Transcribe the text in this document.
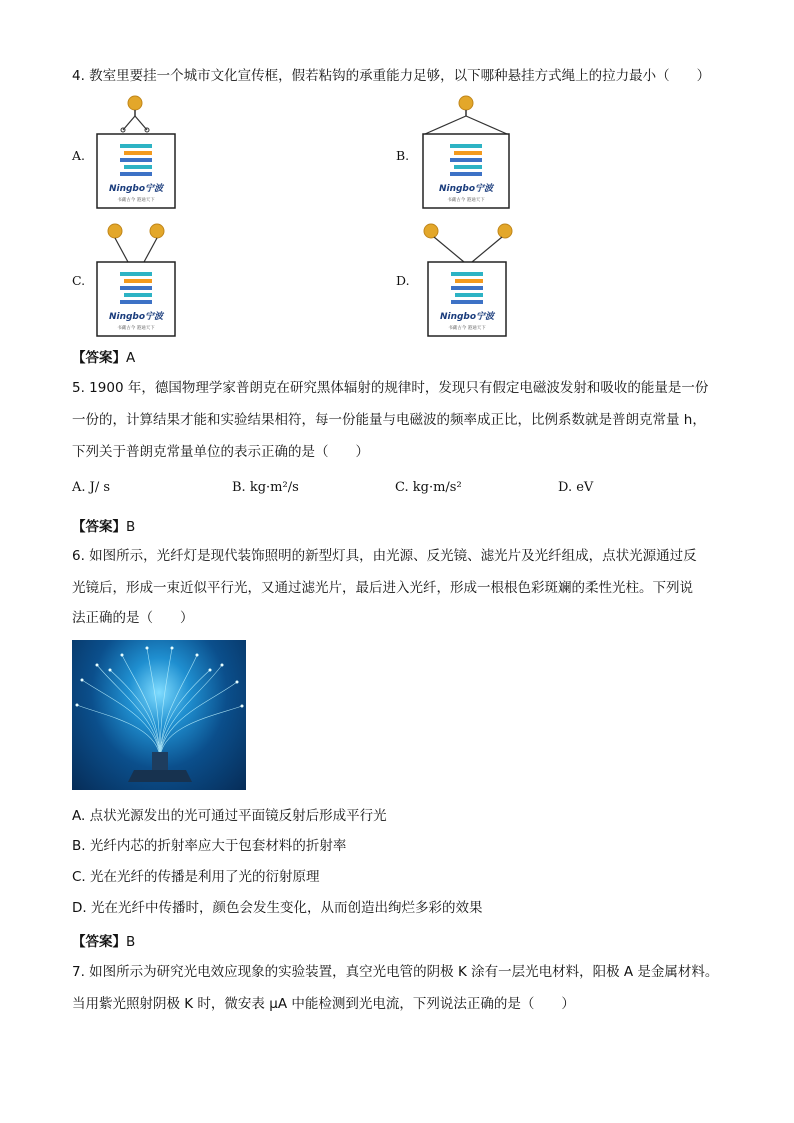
4. 教室里要挂一个城市文化宣传框，假若粘钩的承重能力足够，以下哪种悬挂方式绳上的拉力最小（　　）
A.	B.
C.	D.
Ningbo宁波
书藏古今 港通天下
Ningbo宁波
书藏古今 港通天下
Ningbo宁波
书藏古今 港通天下
Ningbo宁波
书藏古今 港通天下
【答案】A
5. 1900 年，德国物理学家普朗克在研究黑体辐射的规律时，发现只有假定电磁波发射和吸收的能量是一份
一份的，计算结果才能和实验结果相符，每一份能量与电磁波的频率成正比，比例系数就是普朗克常量 h，
下列关于普朗克常量单位的表示正确的是（　　）
A. J/ s	B. kg·m²/s	C. kg·m/s²	D. eV
【答案】B
6. 如图所示，光纤灯是现代装饰照明的新型灯具，由光源、反光镜、滤光片及光纤组成，点状光源通过反
光镜后，形成一束近似平行光，又通过滤光片，最后进入光纤，形成一根根色彩斑斓的柔性光柱。下列说
法正确的是（　　）
A. 点状光源发出的光可通过平面镜反射后形成平行光
B. 光纤内芯的折射率应大于包套材料的折射率
C. 光在光纤的传播是利用了光的衍射原理
D. 光在光纤中传播时，颜色会发生变化，从而创造出绚烂多彩的效果
【答案】B
7. 如图所示为研究光电效应现象的实验装置，真空光电管的阴极 K 涂有一层光电材料，阳极 A 是金属材料。
当用紫光照射阴极 K 时，微安表 μA 中能检测到光电流，下列说法正确的是（　　）
